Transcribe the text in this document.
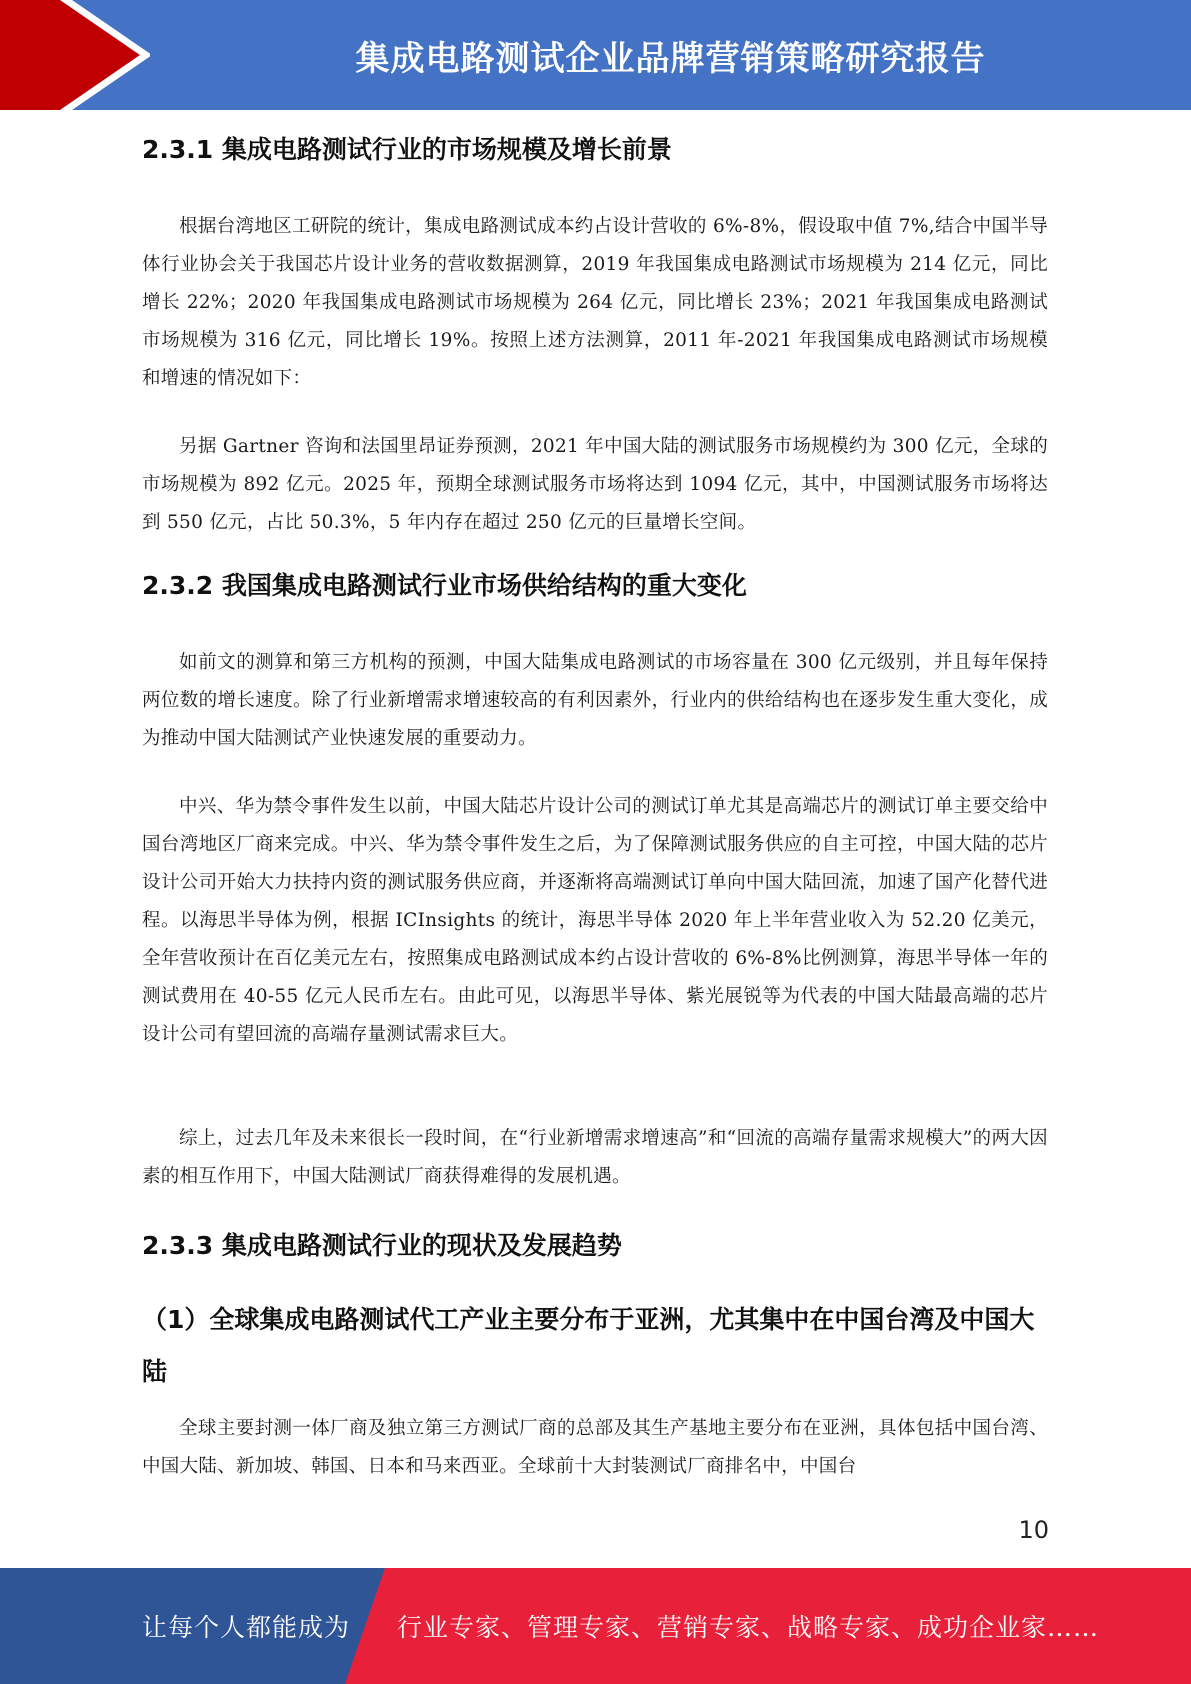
集成电路测试企业品牌营销策略研究报告
2.3.1 集成电路测试行业的市场规模及增长前景

根据台湾地区工研院的统计，集成电路测试成本约占设计营收的 6%-8%，假设取中值 7%,结合中国半导体行业协会关于我国芯片设计业务的营收数据测算，2019 年我国集成电路测试市场规模为 214 亿元，同比增长 22%；2020 年我国集成电路测试市场规模为 264 亿元，同比增长 23%；2021 年我国集成电路测试市场规模为 316 亿元，同比增长 19%。按照上述方法测算，2011 年-2021 年我国集成电路测试市场规模和增速的情况如下：

另据 Gartner 咨询和法国里昂证券预测，2021 年中国大陆的测试服务市场规模约为 300 亿元，全球的市场规模为 892 亿元。2025 年，预期全球测试服务市场将达到 1094 亿元，其中，中国测试服务市场将达到 550 亿元，占比 50.3%，5 年内存在超过 250 亿元的巨量增长空间。

2.3.2 我国集成电路测试行业市场供给结构的重大变化

如前文的测算和第三方机构的预测，中国大陆集成电路测试的市场容量在 300 亿元级别，并且每年保持两位数的增长速度。除了行业新增需求增速较高的有利因素外，行业内的供给结构也在逐步发生重大变化，成为推动中国大陆测试产业快速发展的重要动力。

中兴、华为禁令事件发生以前，中国大陆芯片设计公司的测试订单尤其是高端芯片的测试订单主要交给中国台湾地区厂商来完成。中兴、华为禁令事件发生之后，为了保障测试服务供应的自主可控，中国大陆的芯片设计公司开始大力扶持内资的测试服务供应商，并逐渐将高端测试订单向中国大陆回流，加速了国产化替代进程。以海思半导体为例，根据 ICInsights 的统计，海思半导体 2020 年上半年营业收入为 52.20 亿美元，全年营收预计在百亿美元左右，按照集成电路测试成本约占设计营收的 6%-8%比例测算，海思半导体一年的测试费用在 40-55 亿元人民币左右。由此可见，以海思半导体、紫光展锐等为代表的中国大陆最高端的芯片设计公司有望回流的高端存量测试需求巨大。

综上，过去几年及未来很长一段时间，在“行业新增需求增速高”和“回流的高端存量需求规模大”的两大因素的相互作用下，中国大陆测试厂商获得难得的发展机遇。

2.3.3 集成电路测试行业的现状及发展趋势
（1）全球集成电路测试代工产业主要分布于亚洲，尤其集中在中国台湾及中国大陆

全球主要封测一体厂商及独立第三方测试厂商的总部及其生产基地主要分布在亚洲，具体包括中国台湾、中国大陆、新加坡、韩国、日本和马来西亚。全球前十大封装测试厂商排名中，中国台

10
让每个人都能成为 行业专家、管理专家、营销专家、战略专家、成功企业家……
